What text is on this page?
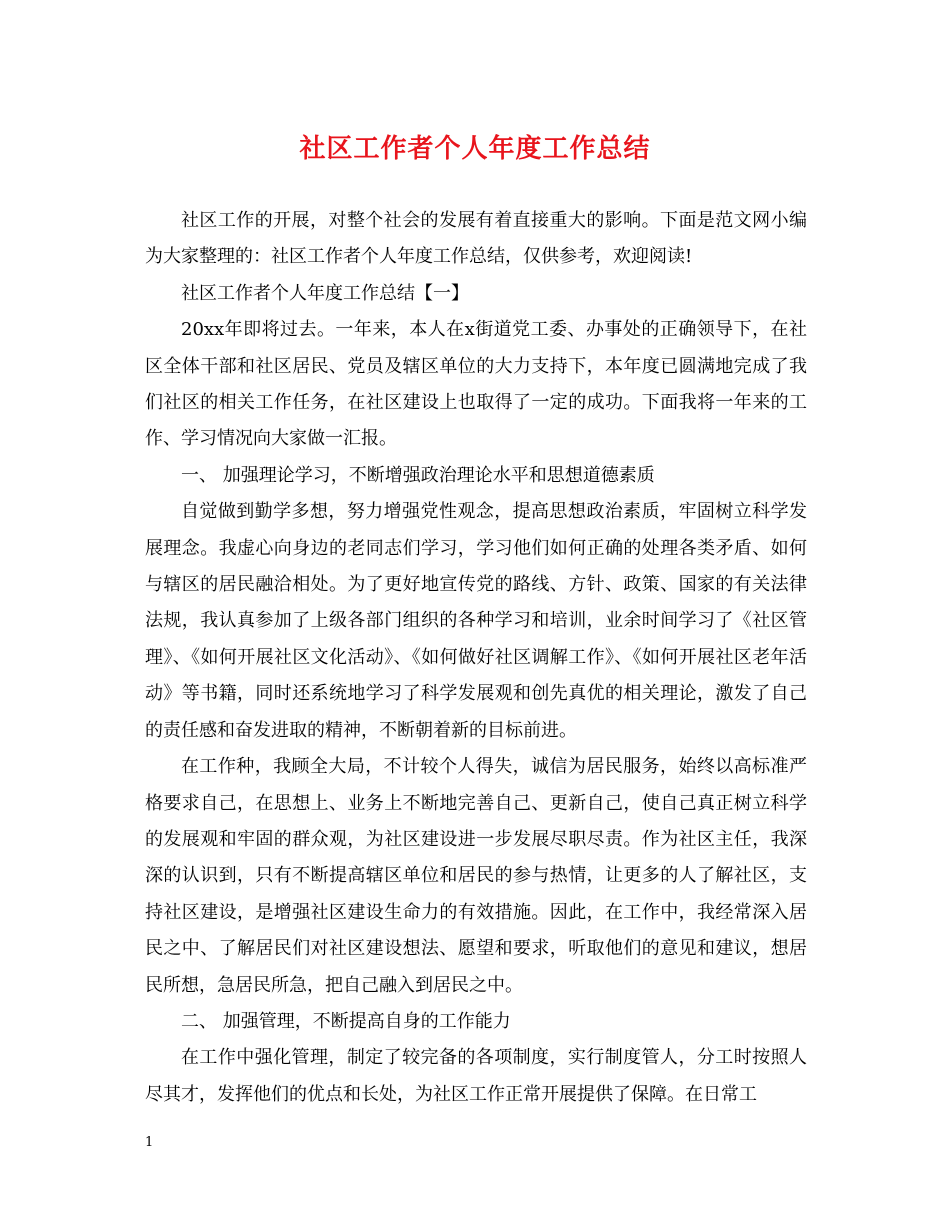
社区工作者个人年度工作总结

社区工作的开展，对整个社会的发展有着直接重大的影响。下面是范文网小编为大家整理的：社区工作者个人年度工作总结，仅供参考，欢迎阅读!

社区工作者个人年度工作总结【一】

20xx年即将过去。一年来，本人在x街道党工委、办事处的正确领导下，在社区全体干部和社区居民、党员及辖区单位的大力支持下，本年度已圆满地完成了我们社区的相关工作任务，在社区建设上也取得了一定的成功。下面我将一年来的工作、学习情况向大家做一汇报。

一、 加强理论学习，不断增强政治理论水平和思想道德素质

自觉做到勤学多想，努力增强党性观念，提高思想政治素质，牢固树立科学发展理念。我虚心向身边的老同志们学习，学习他们如何正确的处理各类矛盾、如何与辖区的居民融洽相处。为了更好地宣传党的路线、方针、政策、国家的有关法律法规，我认真参加了上级各部门组织的各种学习和培训，业余时间学习了《社区管理》、《如何开展社区文化活动》、《如何做好社区调解工作》、《如何开展社区老年活动》等书籍，同时还系统地学习了科学发展观和创先真优的相关理论，激发了自己的责任感和奋发进取的精神，不断朝着新的目标前进。

在工作种，我顾全大局，不计较个人得失，诚信为居民服务，始终以高标准严格要求自己，在思想上、业务上不断地完善自己、更新自己，使自己真正树立科学的发展观和牢固的群众观，为社区建设进一步发展尽职尽责。作为社区主任，我深深的认识到，只有不断提高辖区单位和居民的参与热情，让更多的人了解社区，支持社区建设，是增强社区建设生命力的有效措施。因此，在工作中，我经常深入居民之中、了解居民们对社区建设想法、愿望和要求，听取他们的意见和建议，想居民所想，急居民所急，把自己融入到居民之中。

二、 加强管理，不断提高自身的工作能力

在工作中强化管理，制定了较完备的各项制度，实行制度管人，分工时按照人尽其才，发挥他们的优点和长处，为社区工作正常开展提供了保障。在日常工

1
